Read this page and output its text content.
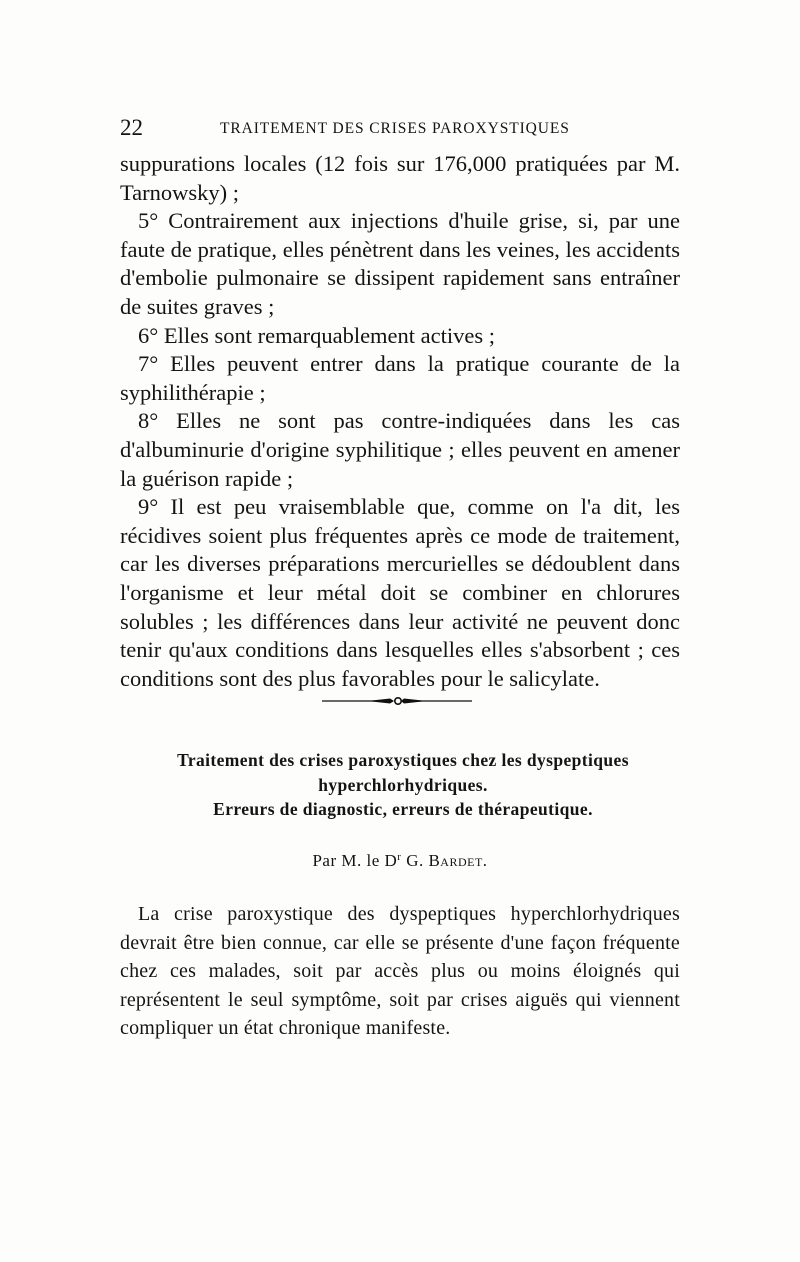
22	TRAITEMENT DES CRISES PAROXYSTIQUES

suppurations locales (12 fois sur 176,000 pratiquées par M. Tarnowsky) ;

5° Contrairement aux injections d'huile grise, si, par une faute de pratique, elles pénètrent dans les veines, les accidents d'embolie pulmonaire se dissipent rapidement sans entraîner de suites graves ;

6° Elles sont remarquablement actives ;

7° Elles peuvent entrer dans la pratique courante de la syphilithérapie ;

8° Elles ne sont pas contre-indiquées dans les cas d'albuminurie d'origine syphilitique ; elles peuvent en amener la guérison rapide ;

9° Il est peu vraisemblable que, comme on l'a dit, les récidives soient plus fréquentes après ce mode de traitement, car les diverses préparations mercurielles se dédoublent dans l'organisme et leur métal doit se combiner en chlorures solubles ; les différences dans leur activité ne peuvent donc tenir qu'aux conditions dans lesquelles elles s'absorbent ; ces conditions sont des plus favorables pour le salicylate.

Traitement des crises paroxystiques chez les dyspeptiques
hyperchlorhydriques.
Erreurs de diagnostic, erreurs de thérapeutique.
Par M. le $D^r$ G. Bardet.

La crise paroxystique des dyspeptiques hyperchlorhydriques devrait être bien connue, car elle se présente d'une façon fréquente chez ces malades, soit par accès plus ou moins éloignés qui représentent le seul symptôme, soit par crises aiguës qui viennent compliquer un état chronique manifeste.
